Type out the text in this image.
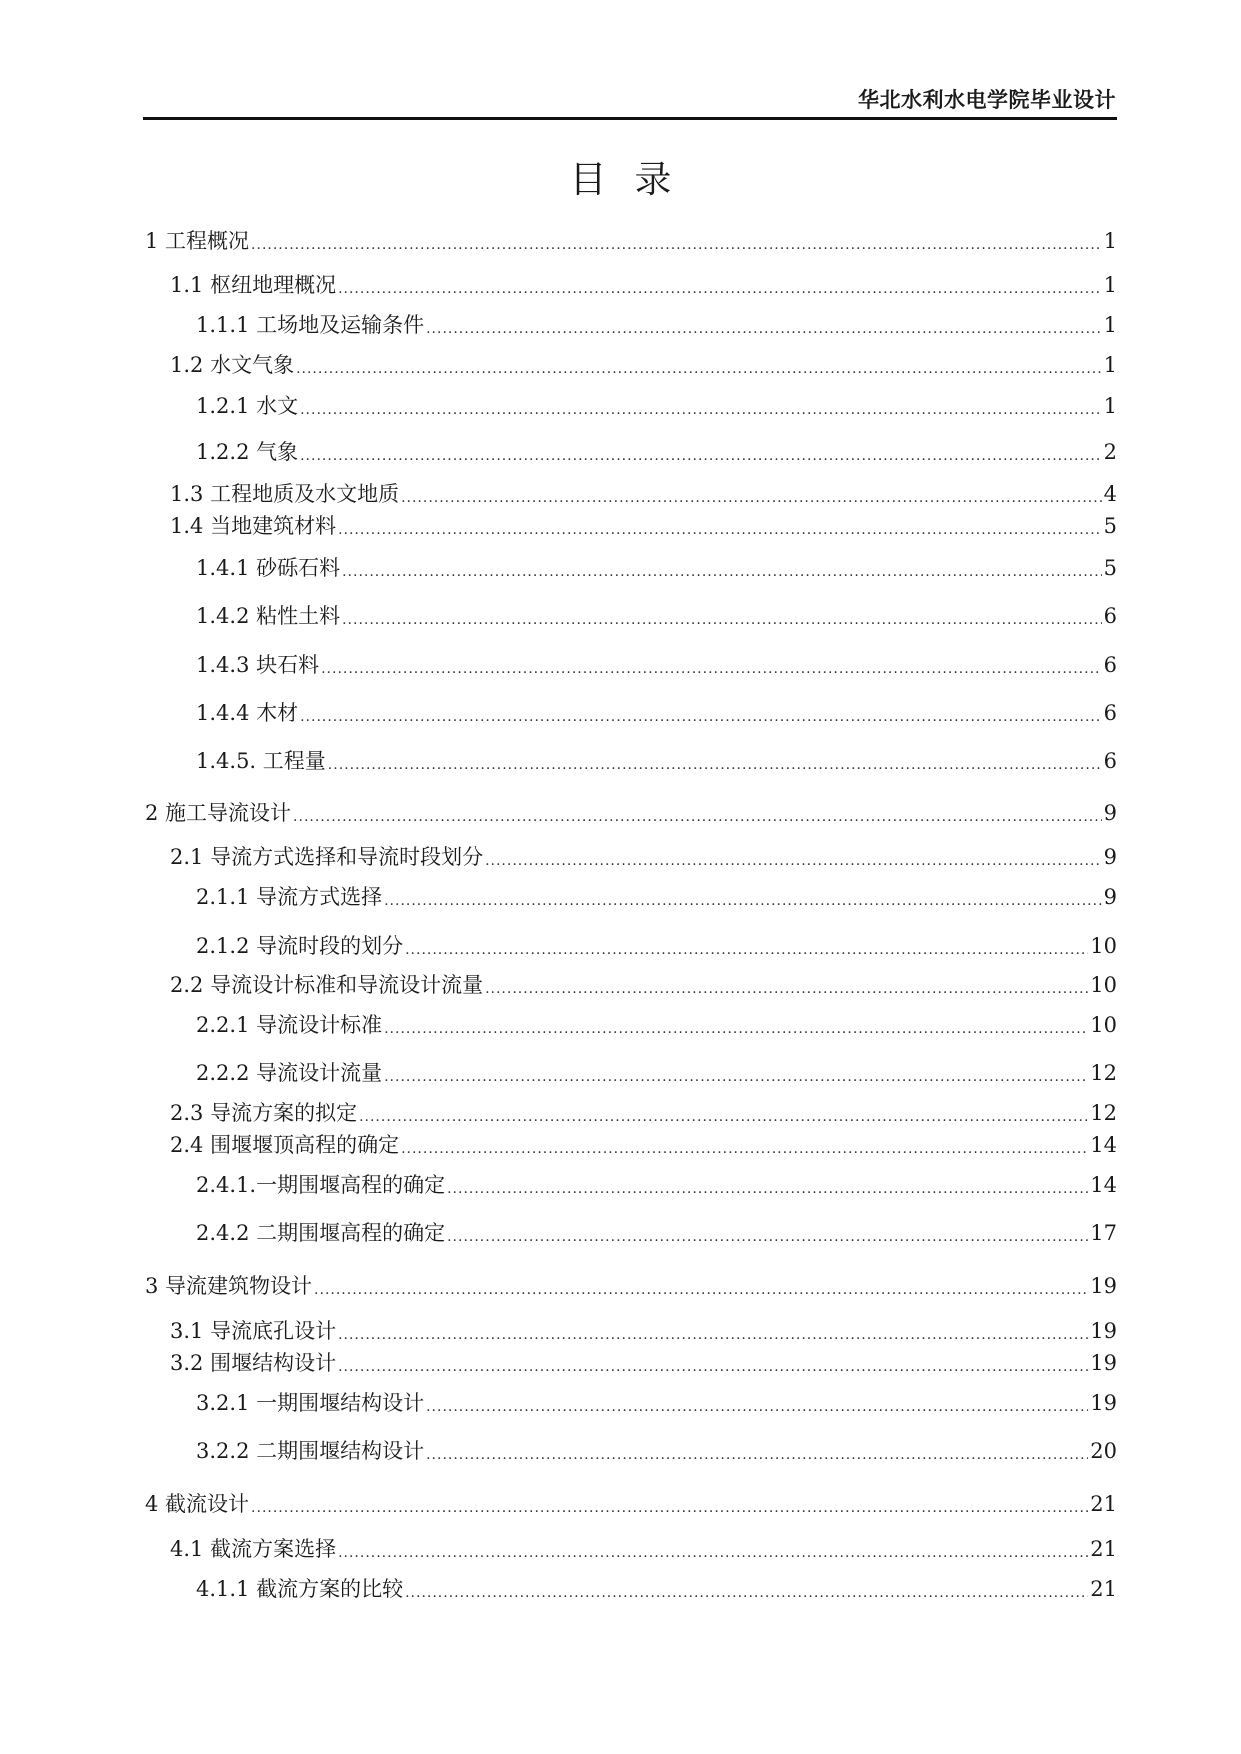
华北水利水电学院毕业设计
目录
1 工程概况 .....	1
1.1 枢纽地理概况 .....	1
1.1.1 工场地及运输条件 .....	1
1.2 水文气象 .....	1
1.2.1 水文 .....	1
1.2.2 气象 .....	2
1.3 工程地质及水文地质 .....	4
1.4 当地建筑材料 .....	5
1.4.1 砂砾石料 .....	5
1.4.2 粘性土料 .....	6
1.4.3 块石料 .....	6
1.4.4 木材 .....	6
1.4.5. 工程量 .....	6
2 施工导流设计 .....	9
2.1 导流方式选择和导流时段划分 .....	9
2.1.1 导流方式选择 .....	9
2.1.2 导流时段的划分 .....	10
2.2 导流设计标准和导流设计流量 .....	10
2.2.1 导流设计标准 .....	10
2.2.2 导流设计流量 .....	12
2.3 导流方案的拟定 .....	12
2.4 围堰堰顶高程的确定 .....	14
2.4.1.一期围堰高程的确定 .....	14
2.4.2 二期围堰高程的确定 .....	17
3 导流建筑物设计 .....	19
3.1 导流底孔设计 .....	19
3.2 围堰结构设计 .....	19
3.2.1 一期围堰结构设计 .....	19
3.2.2 二期围堰结构设计 .....	20
4 截流设计 .....	21
4.1 截流方案选择 .....	21
4.1.1 截流方案的比较 .....	21
